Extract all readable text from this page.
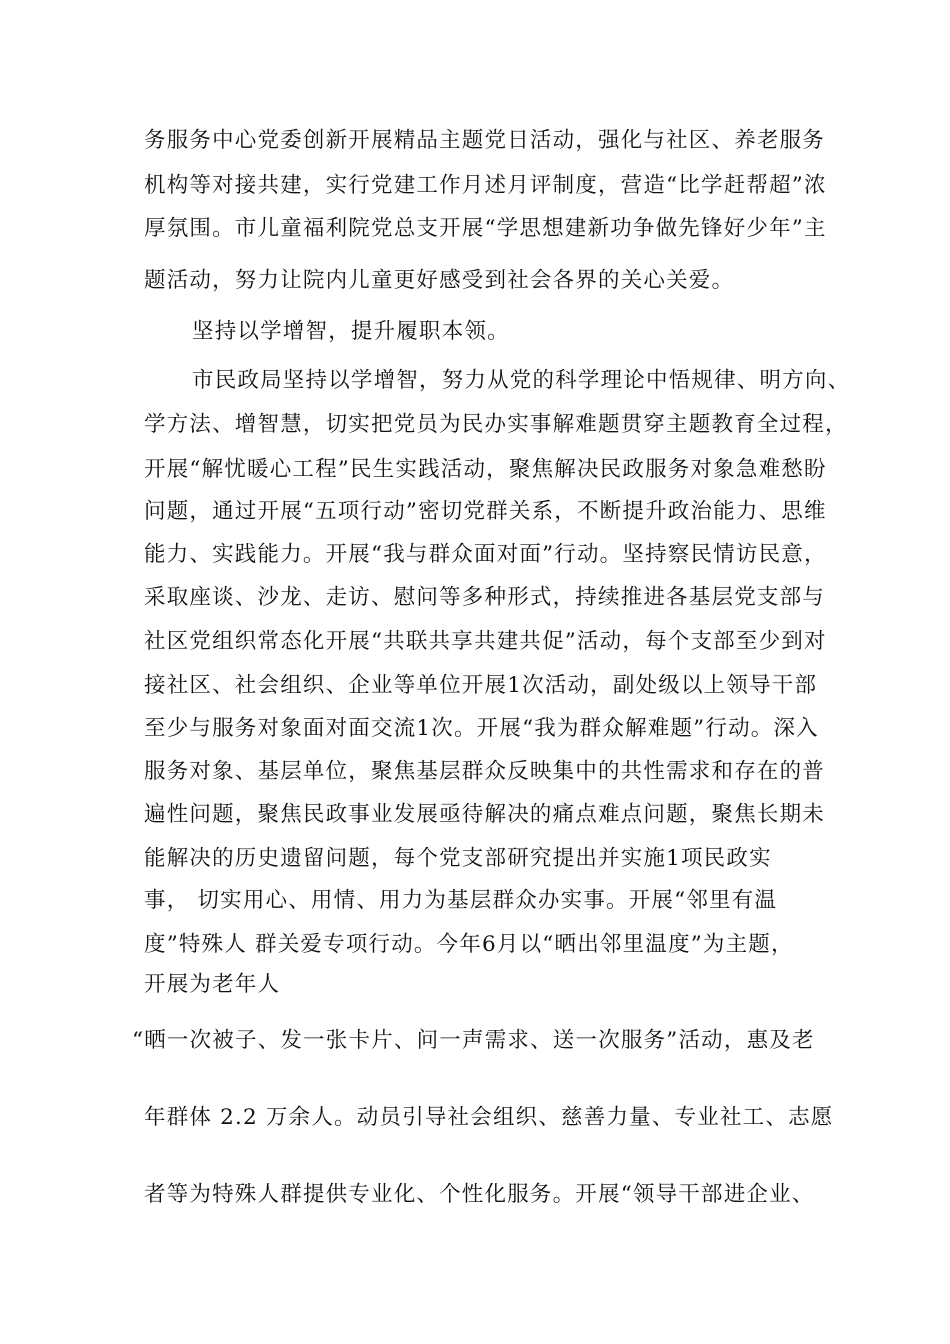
务服务中心党委创新开展精品主题党日活动，强化与社区、养老服务
机构等对接共建，实行党建工作月述月评制度，营造“比学赶帮超”浓
厚氛围。市儿童福利院党总支开展“学思想建新功争做先锋好少年”主
题活动，努力让院内儿童更好感受到社会各界的关心关爱。
坚持以学增智，提升履职本领。
市民政局坚持以学增智，努力从党的科学理论中悟规律、明方向、
学方法、增智慧，切实把党员为民办实事解难题贯穿主题教育全过程，
开展“解忧暖心工程”民生实践活动，聚焦解决民政服务对象急难愁盼
问题，通过开展“五项行动”密切党群关系，不断提升政治能力、思维
能力、实践能力。开展“我与群众面对面”行动。坚持察民情访民意，
采取座谈、沙龙、走访、慰问等多种形式，持续推进各基层党支部与
社区党组织常态化开展“共联共享共建共促”活动，每个支部至少到对
接社区、社会组织、企业等单位开展1次活动，副处级以上领导干部
至少与服务对象面对面交流1次。开展“我为群众解难题”行动。深入
服务对象、基层单位，聚焦基层群众反映集中的共性需求和存在的普
遍性问题，聚焦民政事业发展亟待解决的痛点难点问题，聚焦长期未
能解决的历史遗留问题，每个党支部研究提出并实施1项民政实
事， 切实用心、用情、用力为基层群众办实事。开展“邻里有温
度”特殊人 群关爱专项行动。今年6月以“晒出邻里温度”为主题，
开展为老年人
“晒一次被子、发一张卡片、问一声需求、送一次服务”活动，惠及老
年群体 2.2 万余人。动员引导社会组织、慈善力量、专业社工、志愿
者等为特殊人群提供专业化、个性化服务。开展“领导干部进企业、
